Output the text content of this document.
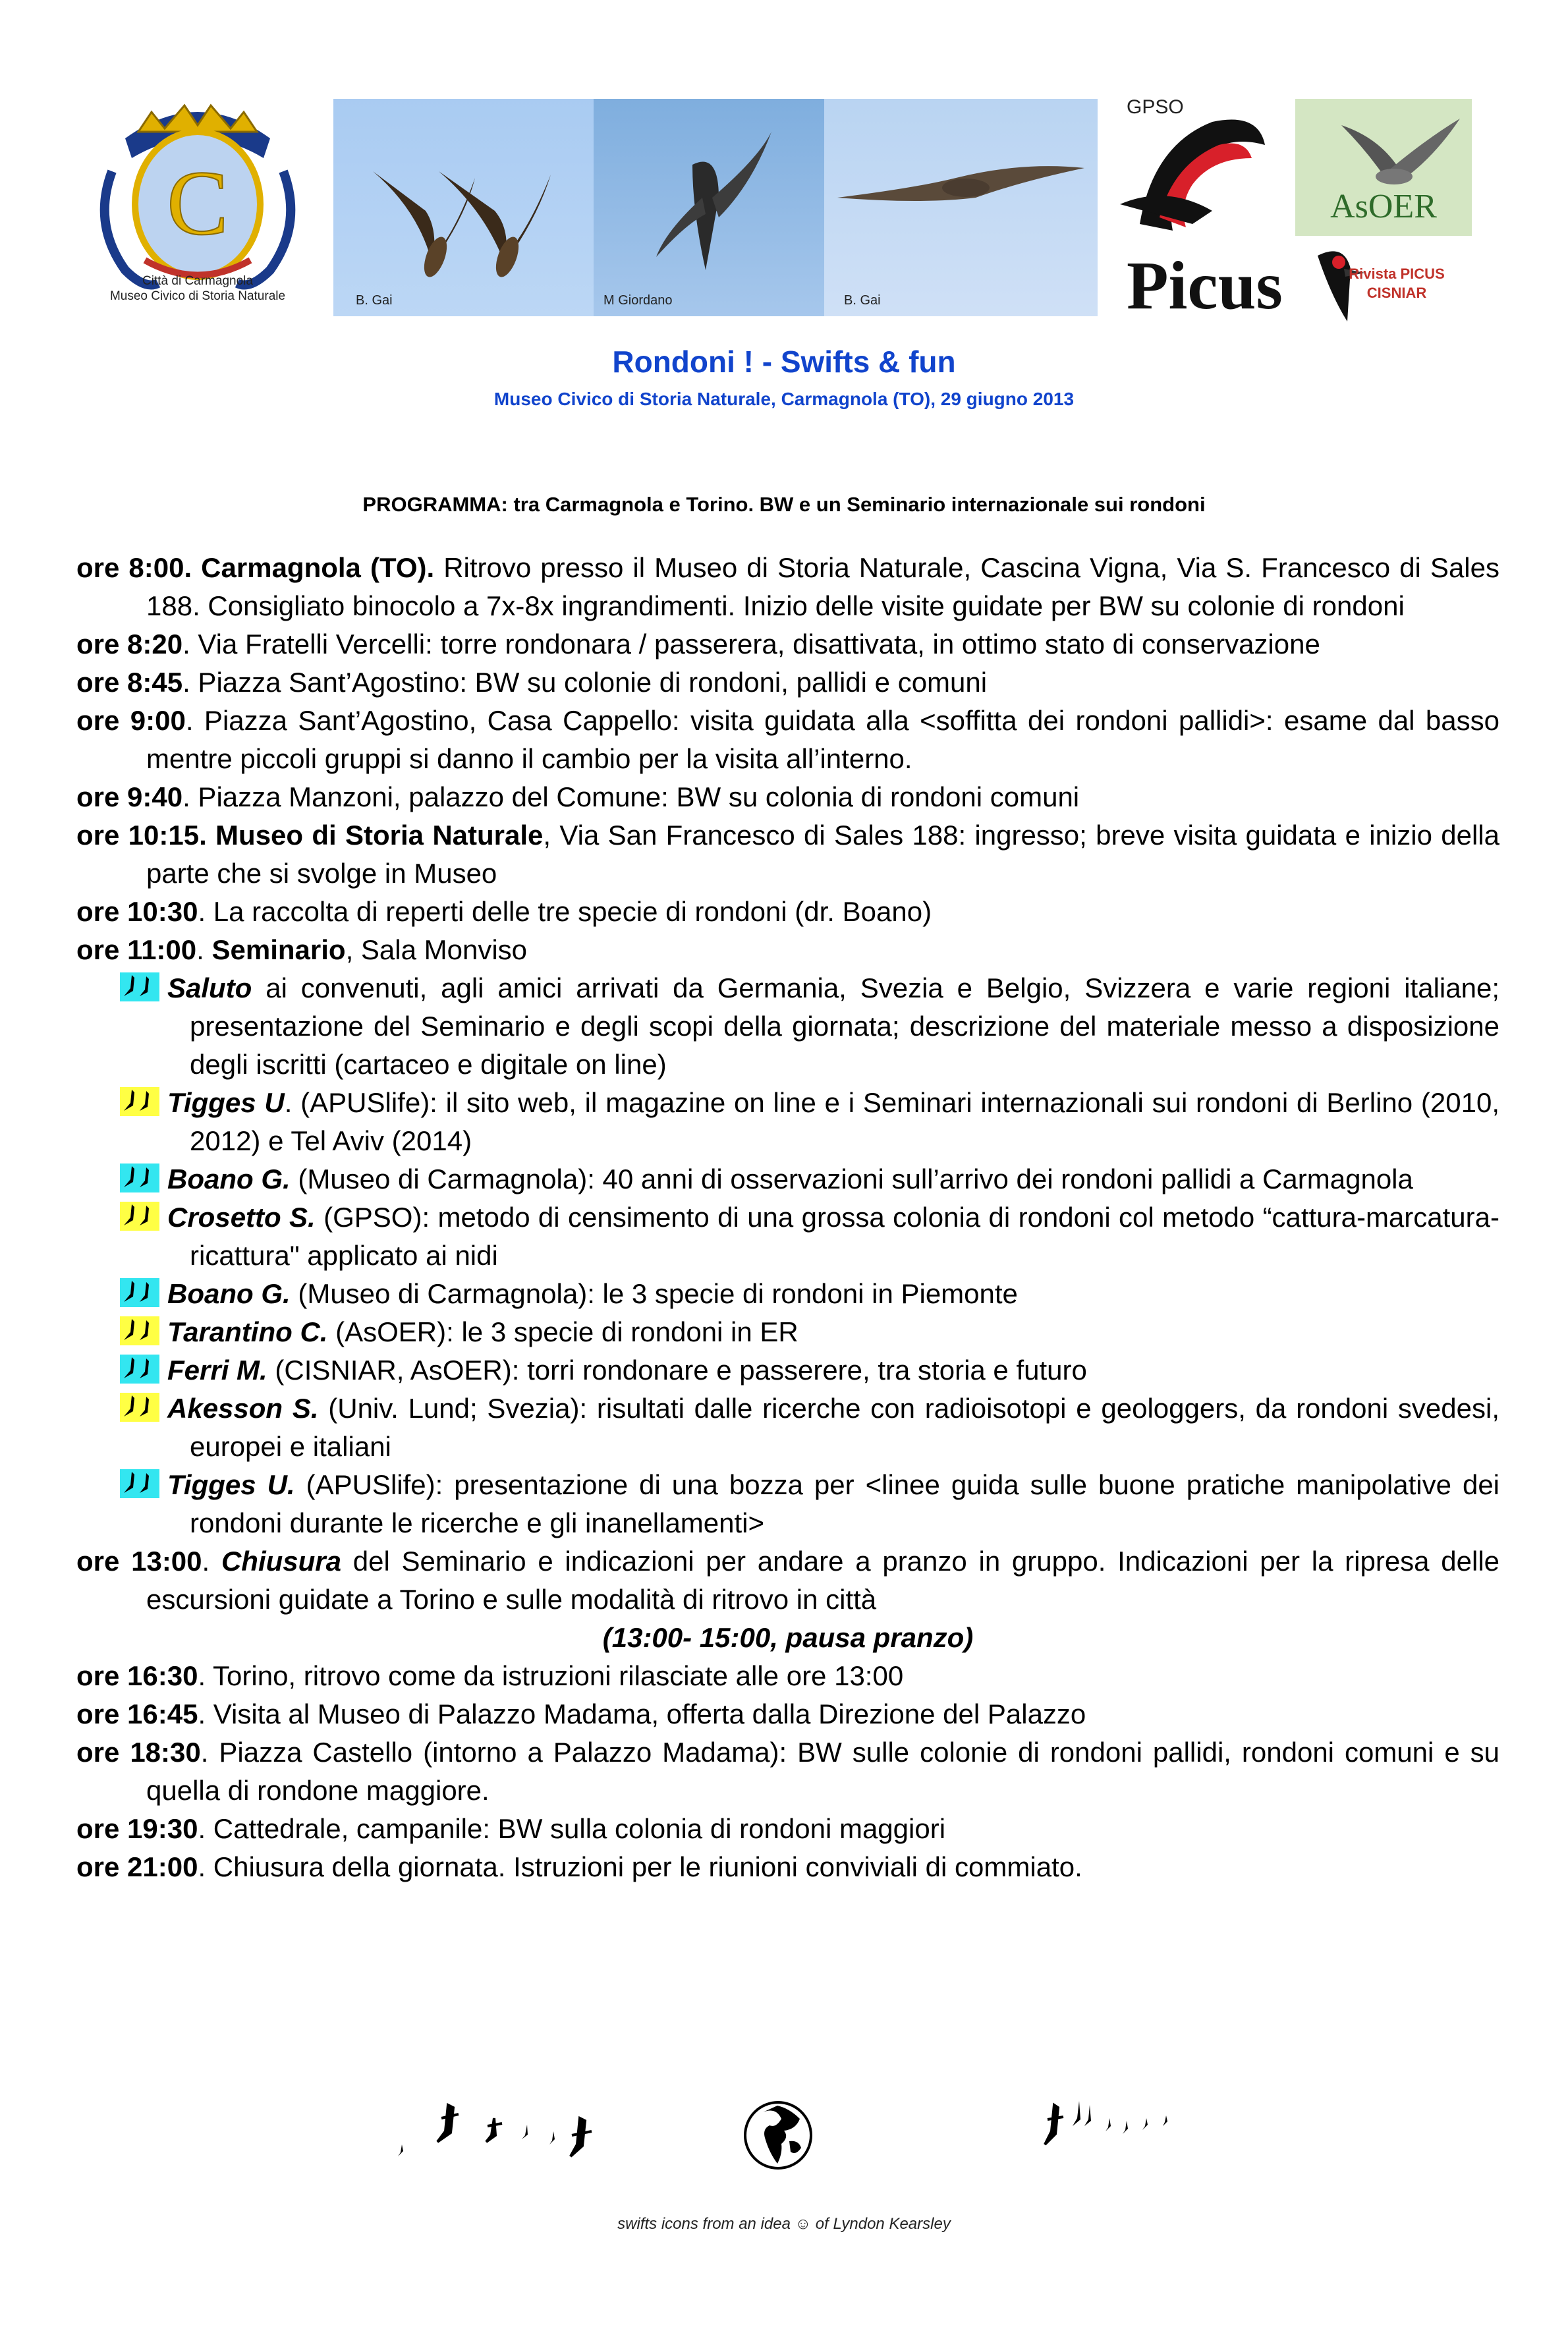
C
Città di Carmagnola
Museo Civico di Storia Naturale	B. Gai	M Giordano	B. Gai
GPSO
AsOER
Picus	Rivista PICUS
CISNIAR
Rondoni ! - Swifts & fun
Museo Civico di Storia Naturale, Carmagnola (TO), 29 giugno 2013
PROGRAMMA: tra Carmagnola e Torino. BW e un Seminario internazionale sui rondoni
ore 8:00. Carmagnola (TO). Ritrovo presso il Museo di Storia Naturale, Cascina Vigna, Via S. Francesco di Sales 188. Consigliato binocolo a 7x-8x ingrandimenti. Inizio delle visite guidate per BW su colonie di rondoni
ore 8:20. Via Fratelli Vercelli: torre rondonara / passerera, disattivata, in ottimo stato di conservazione
ore 8:45. Piazza Sant’Agostino: BW su colonie di rondoni, pallidi e comuni
ore 9:00. Piazza Sant’Agostino, Casa Cappello: visita guidata alla <soffitta dei rondoni pallidi>: esame dal basso mentre piccoli gruppi si danno il cambio per la visita all’interno.
ore 9:40. Piazza Manzoni, palazzo del Comune: BW su colonia di rondoni comuni
ore 10:15. Museo di Storia Naturale, Via San Francesco di Sales 188: ingresso; breve visita guidata e inizio della parte che si svolge in Museo
ore 10:30. La raccolta di reperti delle tre specie di rondoni (dr. Boano)
ore 11:00. Seminario, Sala Monviso
Saluto ai convenuti, agli amici arrivati da Germania, Svezia e Belgio, Svizzera e varie regioni italiane; presentazione del Seminario e degli scopi della giornata; descrizione del materiale messo a disposizione degli iscritti (cartaceo e digitale on line)
Tigges U. (APUSlife): il sito web, il magazine on line e i Seminari internazionali sui rondoni di Berlino (2010, 2012) e Tel Aviv (2014)
Boano G. (Museo di Carmagnola): 40 anni di osservazioni sull’arrivo dei rondoni pallidi a Carmagnola
Crosetto S. (GPSO): metodo di censimento di una grossa colonia di rondoni col metodo “cattura-marcatura-ricattura" applicato ai nidi
Boano G. (Museo di Carmagnola): le 3 specie di rondoni in Piemonte
Tarantino C. (AsOER): le 3 specie di rondoni in ER
Ferri M. (CISNIAR, AsOER): torri rondonare e passerere, tra storia e futuro
Akesson S. (Univ. Lund; Svezia): risultati dalle ricerche con radioisotopi e geologgers, da rondoni svedesi, europei e italiani
Tigges U. (APUSlife): presentazione di una bozza per <linee guida sulle buone pratiche manipolative dei rondoni durante le ricerche e gli inanellamenti>
ore 13:00. Chiusura del Seminario e indicazioni per andare a pranzo in gruppo. Indicazioni per la ripresa delle escursioni guidate a Torino e sulle modalità di ritrovo in città
(13:00- 15:00, pausa pranzo)
ore 16:30. Torino, ritrovo come da istruzioni rilasciate alle ore 13:00
ore 16:45. Visita al Museo di Palazzo Madama, offerta dalla Direzione del Palazzo
ore 18:30. Piazza Castello (intorno a Palazzo Madama): BW sulle colonie di rondoni pallidi, rondoni comuni e su quella di rondone maggiore.
ore 19:30. Cattedrale, campanile: BW sulla colonia di rondoni maggiori
ore 21:00. Chiusura della giornata. Istruzioni per le riunioni conviviali di commiato.
swifts icons from an idea ☺ of Lyndon Kearsley
